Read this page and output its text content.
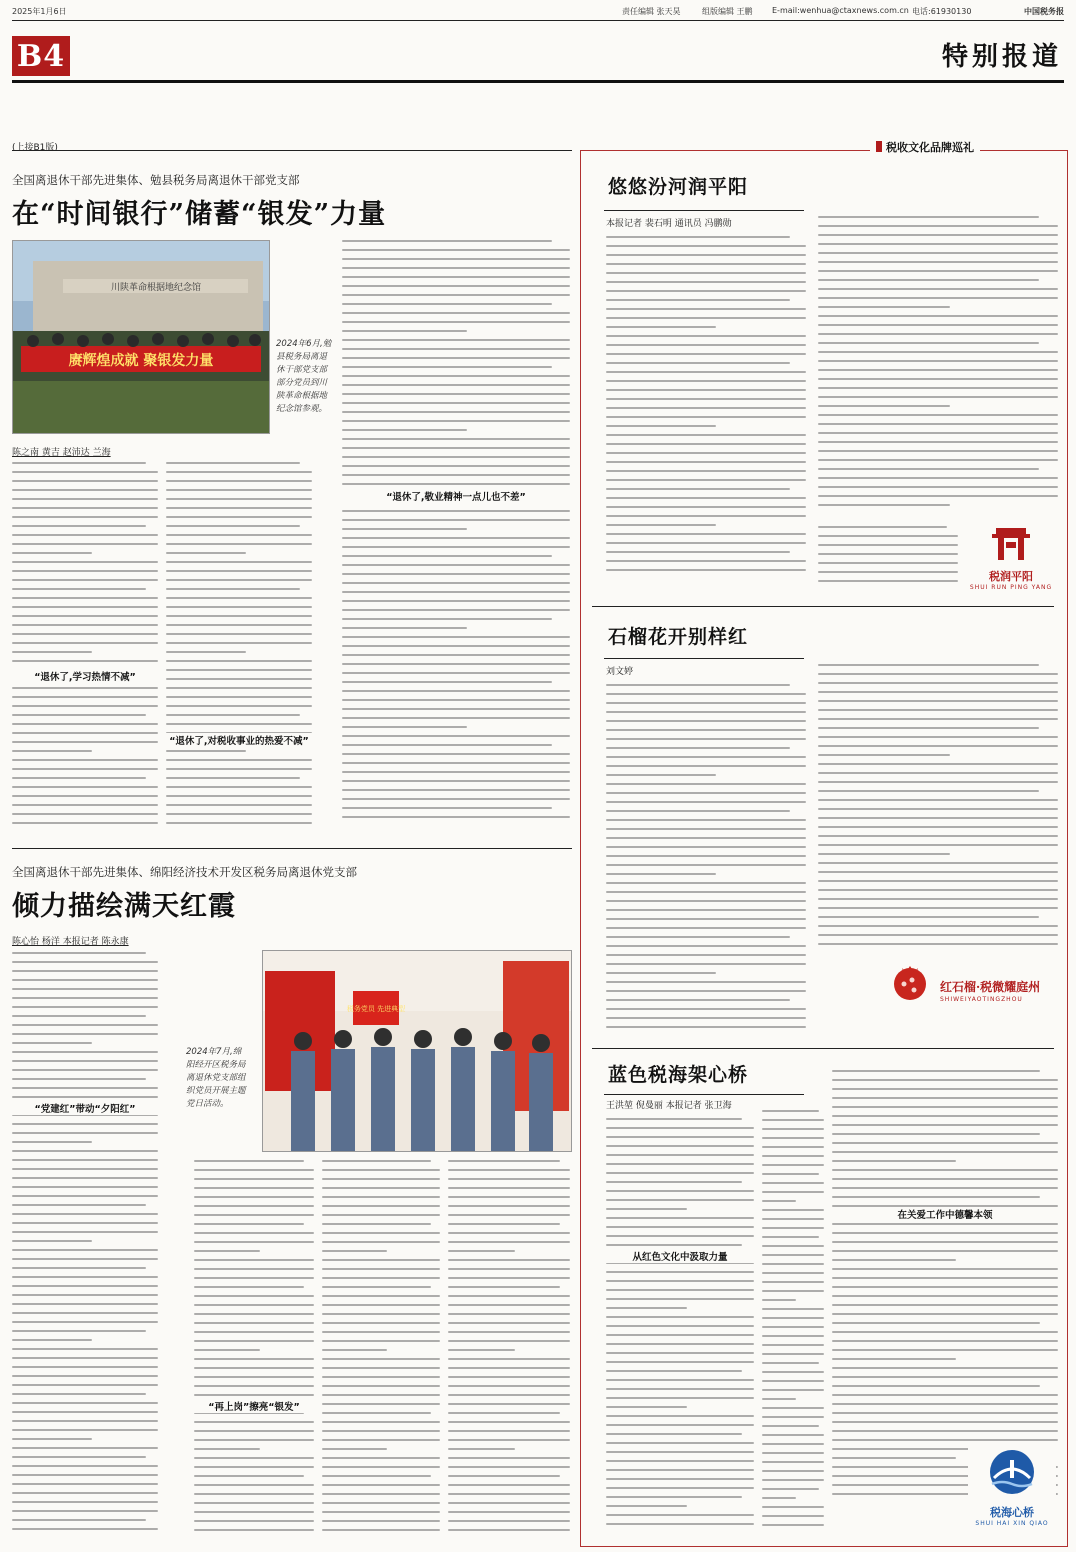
2025年1月6日	责任编辑 张天昊	组版编辑 王鹏 E-mail:wenhua@ctaxnews.com.cn 电话:61930130	中国税务报
B4	特别报道
(上接B1版)
全国离退休干部先进集体、勉县税务局离退休干部党支部
在“时间银行”储蓄“银发”力量
川陕革命根据地纪念馆
赓辉煌成就 聚银发力量
2024年6月,勉县税务局离退休干部党支部部分党员到川陕革命根据地纪念馆参观。
陈之南 黄吉 赵沛达 兰海
“退休了,学习热情不减”
“退休了,对税收事业的热爱不减”
“退休了,敬业精神一点儿也不差”
全国离退休干部先进集体、绵阳经济技术开发区税务局离退休党支部
倾力描绘满天红霞
陈心怡 杨洋 本报记者 陈永康
“党建红”带动“夕阳红”
2024年7月,绵阳经开区税务局离退休党支部组织党员开展主题党日活动。
税务党员 先进典型
“再上岗”擦亮“银发”
税收文化品牌巡礼
悠悠汾河润平阳
本报记者 裴石明 通讯员 冯鹏勋
税润平阳
SHUI RUN PING YANG
石榴花开别样红
刘文婷
红石榴·税微耀庭州
SHIWEIYAOTINGZHOU
蓝色税海架心桥
王洪堃 倪曼丽 本报记者 张卫海
从红色文化中汲取力量
在关爱工作中德馨本领
税海心桥
SHUI HAI XIN QIAO
